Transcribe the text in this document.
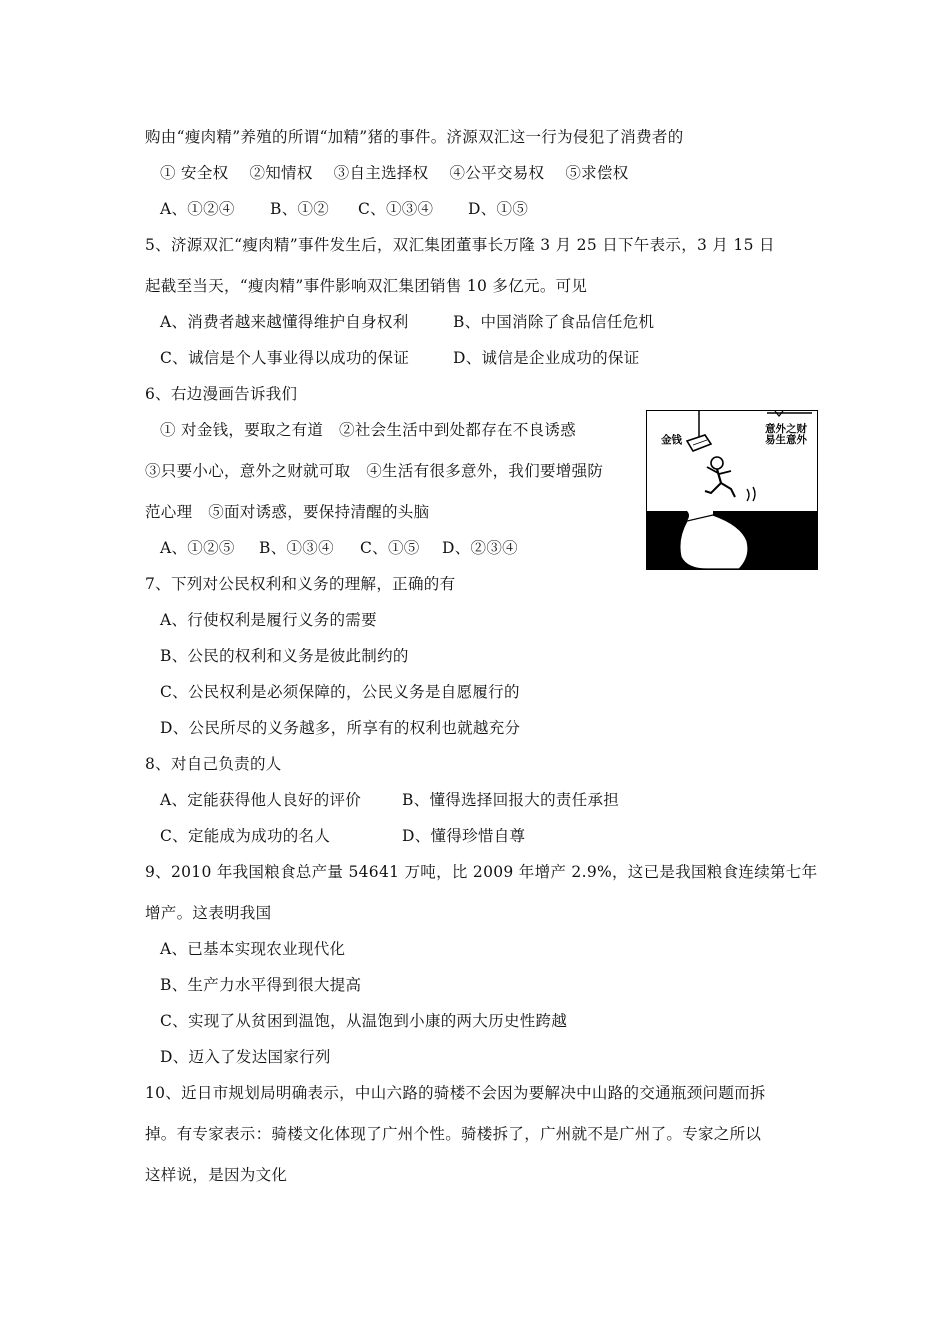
购由“瘦肉精”养殖的所谓“加精”猪的事件。济源双汇这一行为侵犯了消费者的
① 安全权　 ②知情权　 ③自主选择权　 ④公平交易权　 ⑤求偿权
A、①②④ B、①② C、①③④ D、①⑤
5、济源双汇“瘦肉精”事件发生后，双汇集团董事长万隆 3 月 25 日下午表示，3 月 15 日
起截至当天，“瘦肉精”事件影响双汇集团销售 10 多亿元。可见
A、消费者越来越懂得维护自身权利	B、中国消除了食品信任危机
C、诚信是个人事业得以成功的保证	D、诚信是企业成功的保证
6、右边漫画告诉我们
① 对金钱，要取之有道　②社会生活中到处都存在不良诱惑
③只要小心，意外之财就可取　④生活有很多意外，我们要增强防
范心理　⑤面对诱惑，要保持清醒的头脑
A、①②⑤ B、①③④ C、①⑤ D、②③④
金钱
意外之财
易生意外
7、下列对公民权利和义务的理解，正确的有
A、行使权利是履行义务的需要
B、公民的权利和义务是彼此制约的
C、公民权利是必须保障的，公民义务是自愿履行的
D、公民所尽的义务越多，所享有的权利也就越充分
8、对自己负责的人
A、定能获得他人良好的评价	B、懂得选择回报大的责任承担
C、定能成为成功的名人	D、懂得珍惜自尊
9、2010 年我国粮食总产量 54641 万吨，比 2009 年增产 2.9%，这已是我国粮食连续第七年
增产。这表明我国
A、已基本实现农业现代化
B、生产力水平得到很大提高
C、实现了从贫困到温饱，从温饱到小康的两大历史性跨越
D、迈入了发达国家行列
10、近日市规划局明确表示，中山六路的骑楼不会因为要解决中山路的交通瓶颈问题而拆
掉。有专家表示：骑楼文化体现了广州个性。骑楼拆了，广州就不是广州了。专家之所以
这样说，是因为文化
